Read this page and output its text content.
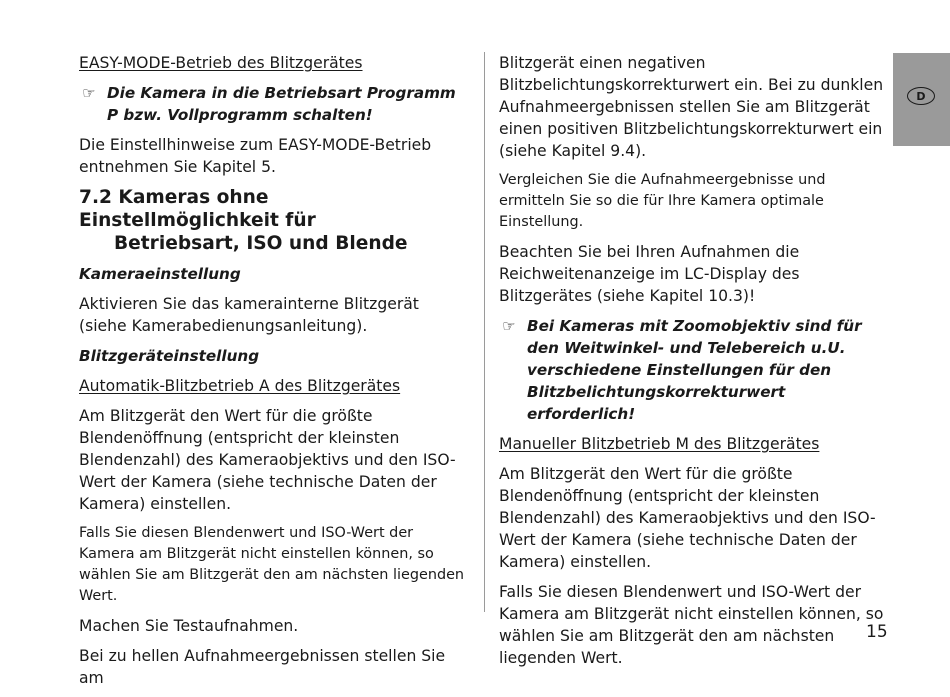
D

EASY-MODE-Betrieb des Blitzgerätes

☞ Die Kamera in die Betriebsart Programm P bzw. Vollprogramm schalten!

Die Einstellhinweise zum EASY-MODE-Betrieb entnehmen Sie Kapitel 5.

7.2 Kameras ohne Einstellmöglichkeit für
Betriebsart, ISO und Blende

Kameraeinstellung

Aktivieren Sie das kamerainterne Blitzgerät (siehe Kamerabedienungsanleitung).

Blitzgeräteinstellung

Automatik-Blitzbetrieb A des Blitzgerätes

Am Blitzgerät den Wert für die größte Blendenöffnung (entspricht der kleinsten Blendenzahl) des Kameraobjektivs und den ISO-Wert der Kamera (siehe technische Daten der Kamera) einstellen.

Falls Sie diesen Blendenwert und ISO-Wert der Kamera am Blitzgerät nicht einstellen können, so wählen Sie am Blitzgerät den am nächsten liegenden Wert.

Machen Sie Testaufnahmen.

Bei zu hellen Aufnahmeergebnissen stellen Sie am

Blitzgerät einen negativen Blitzbelichtungskorrekturwert ein. Bei zu dunklen Aufnahmeergebnissen stellen Sie am Blitzgerät einen positiven Blitzbelichtungskorrekturwert ein (siehe Kapitel 9.4).

Vergleichen Sie die Aufnahmeergebnisse und ermitteln Sie so die für Ihre Kamera optimale Einstellung.

Beachten Sie bei Ihren Aufnahmen die Reichweitenanzeige im LC-Display des Blitzgerätes (siehe Kapitel 10.3)!

☞ Bei Kameras mit Zoomobjektiv sind für den Weitwinkel- und Telebereich u.U. verschiedene Einstellungen für den Blitzbelichtungskorrekturwert erforderlich!

Manueller Blitzbetrieb M des Blitzgerätes

Am Blitzgerät den Wert für die größte Blendenöffnung (entspricht der kleinsten Blendenzahl) des Kameraobjektivs und den ISO-Wert der Kamera (siehe technische Daten der Kamera) einstellen.

Falls Sie diesen Blendenwert und ISO-Wert der Kamera am Blitzgerät nicht einstellen können, so wählen Sie am Blitzgerät den am nächsten liegenden Wert.

15
